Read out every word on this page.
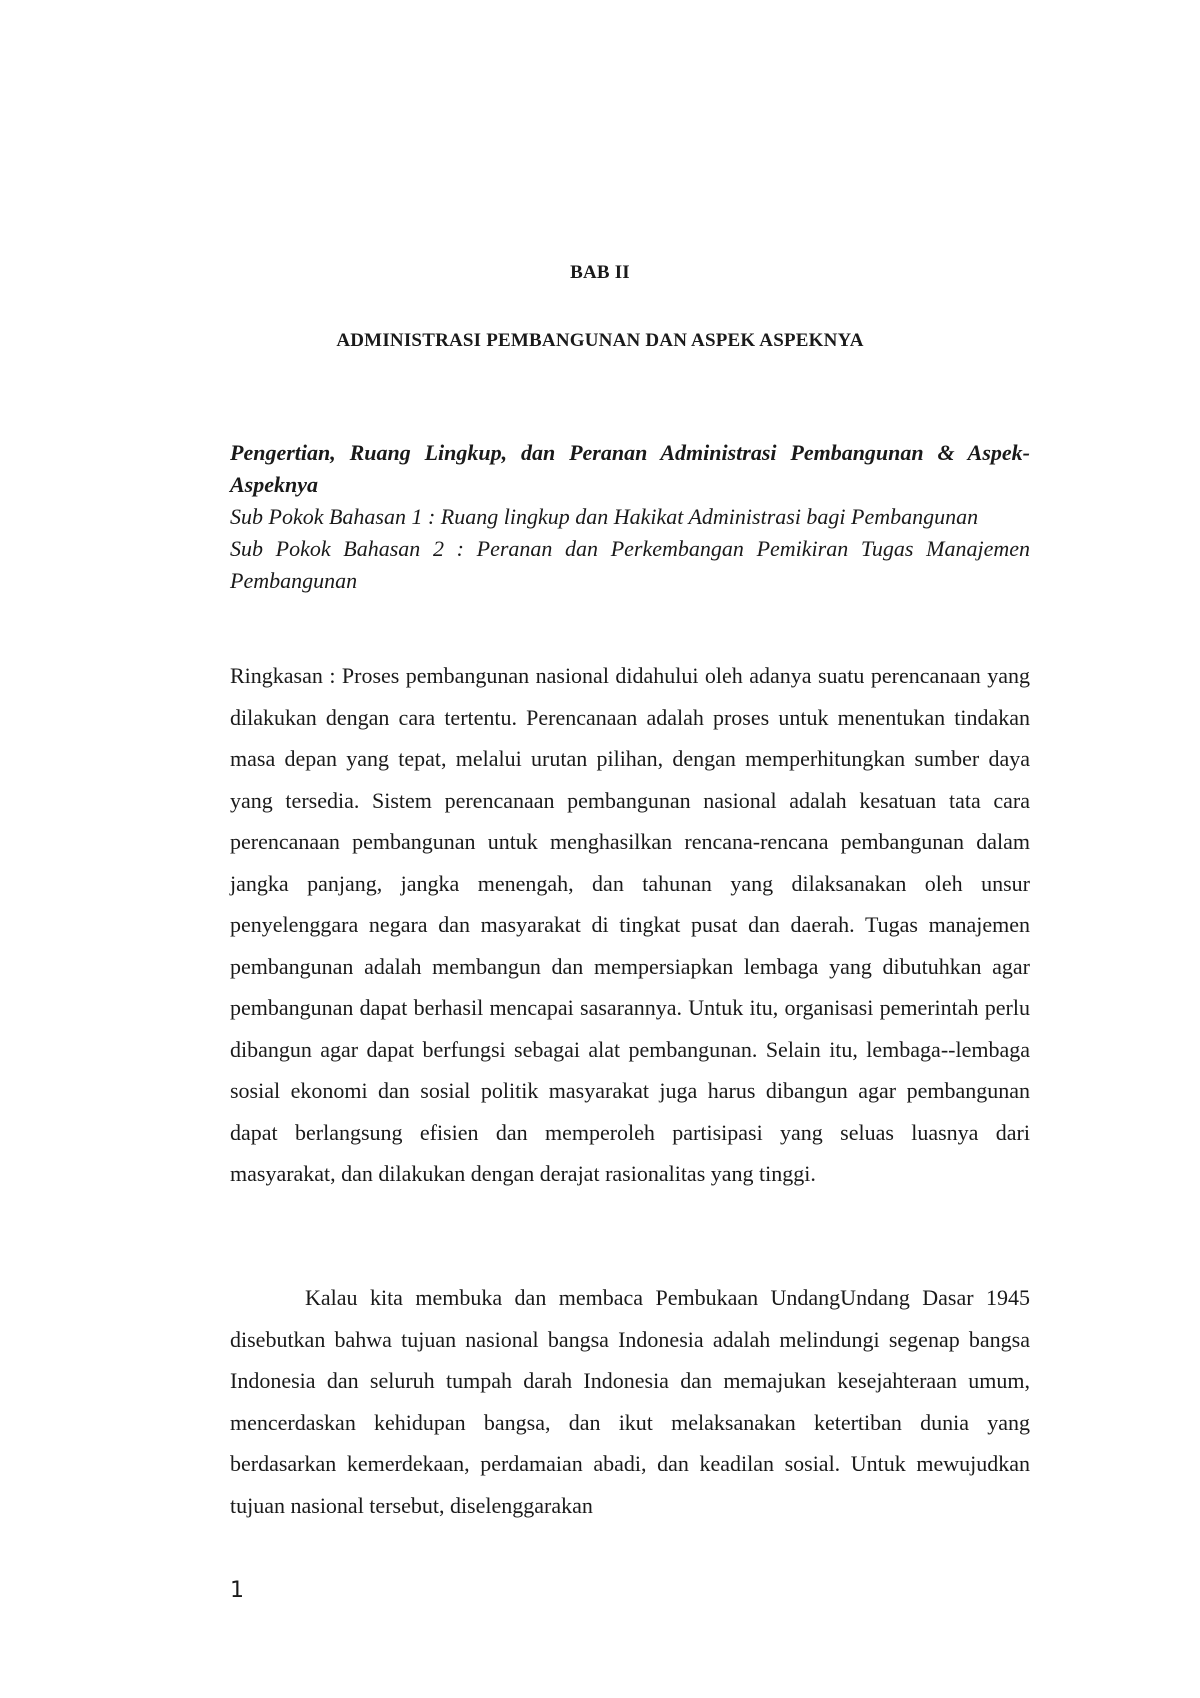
BAB II
ADMINISTRASI PEMBANGUNAN DAN ASPEK ASPEKNYA
Pengertian, Ruang Lingkup, dan Peranan Administrasi Pembangunan & Aspek-Aspeknya
Sub Pokok Bahasan 1 : Ruang lingkup dan Hakikat Administrasi bagi Pembangunan
Sub Pokok Bahasan 2 : Peranan dan Perkembangan Pemikiran Tugas Manajemen Pembangunan
Ringkasan : Proses pembangunan nasional didahului oleh adanya suatu perencanaan yang dilakukan dengan cara tertentu. Perencanaan adalah proses untuk menentukan tindakan masa depan yang tepat, melalui urutan pilihan, dengan memperhitungkan sumber daya yang tersedia. Sistem perencanaan pembangunan nasional adalah kesatuan tata cara perencanaan pembangunan untuk menghasilkan rencana-rencana pembangunan dalam jangka panjang, jangka menengah, dan tahunan yang dilaksanakan oleh unsur penyelenggara negara dan masyarakat di tingkat pusat dan daerah. Tugas manajemen pembangunan adalah membangun dan mempersiapkan lembaga yang dibutuhkan agar pembangunan dapat berhasil mencapai sasarannya. Untuk itu, organisasi pemerintah perlu dibangun agar dapat berfungsi sebagai alat pembangunan. Selain itu, lembaga--lembaga sosial ekonomi dan sosial politik masyarakat juga harus dibangun agar pembangunan dapat berlangsung efisien dan memperoleh partisipasi yang seluas luasnya dari masyarakat, dan dilakukan dengan derajat rasionalitas yang tinggi.
Kalau kita membuka dan membaca Pembukaan UndangUndang Dasar 1945 disebutkan bahwa tujuan nasional bangsa Indonesia adalah melindungi segenap bangsa Indonesia dan seluruh tumpah darah Indonesia dan memajukan kesejahteraan umum, mencerdaskan kehidupan bangsa, dan ikut melaksanakan ketertiban dunia yang berdasarkan kemerdekaan, perdamaian abadi, dan keadilan sosial. Untuk mewujudkan tujuan nasional tersebut, diselenggarakan
1
